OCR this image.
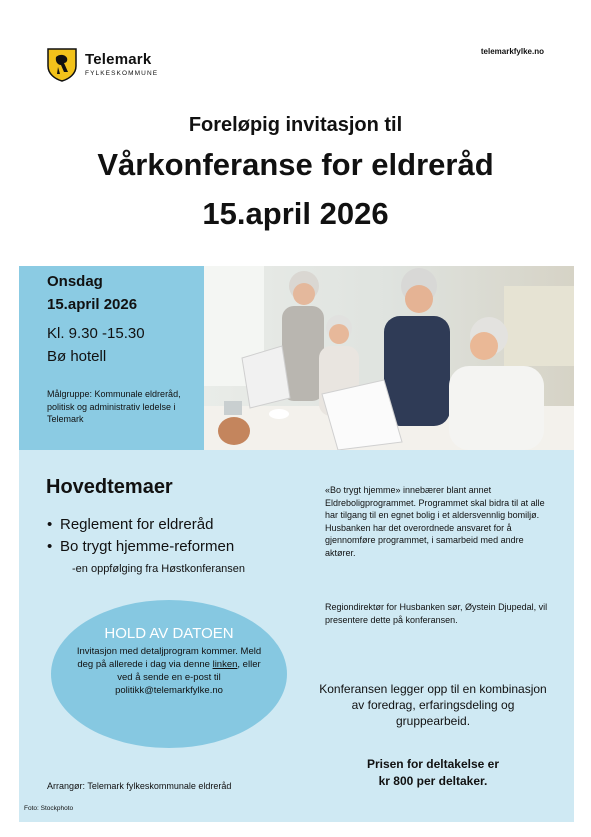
Telemark
FYLKESKOMMUNE
telemarkfylke.no
Foreløpig invitasjon til
Vårkonferanse for eldreråd
15.april 2026
Onsdag
15.april 2026
Kl. 9.30 -15.30
Bø hotell
Målgruppe: Kommunale eldreråd, politisk og administrativ ledelse i Telemark
Hovedtemaer
• Reglement for eldreråd
• Bo trygt hjemme-reformen
-en oppfølging fra Høstkonferansen
HOLD AV DATOEN
Invitasjon med detaljprogram kommer. Meld deg på allerede i dag via denne linken, eller ved å sende en e-post til politikk@telemarkfylke.no
Arrangør: Telemark fylkeskommunale eldreråd
«Bo trygt hjemme» innebærer blant annet Eldreboligprogrammet. Programmet skal bidra til at alle har tilgang til en egnet bolig i et aldersvennlig bomiljø. Husbanken har det overordnede ansvaret for å gjennomføre programmet, i samarbeid med andre aktører.
Regiondirektør for Husbanken sør, Øystein Djupedal, vil presentere dette på konferansen.
Konferansen legger opp til en kombinasjon av foredrag, erfaringsdeling og gruppearbeid.
Prisen for deltakelse er
kr 800 per deltaker.
Foto: Stockphoto
